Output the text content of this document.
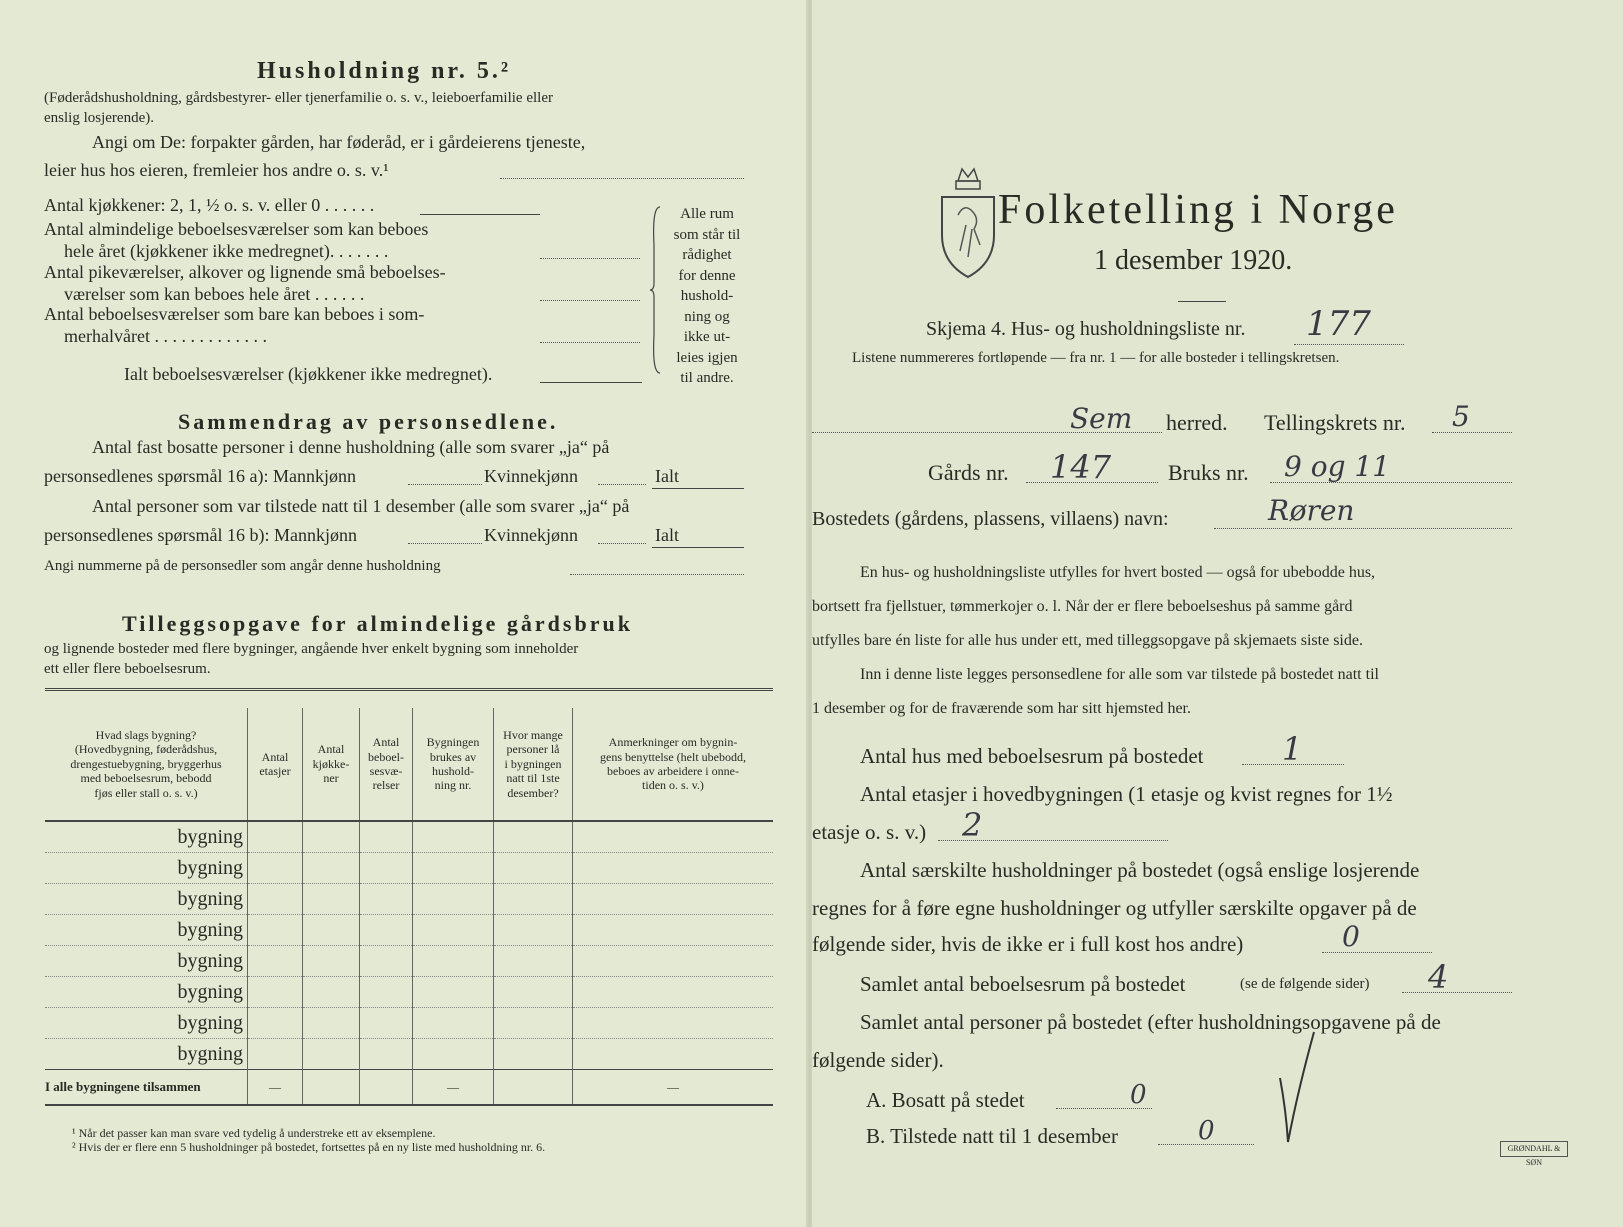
Husholdning nr. 5.²
(Føderådshusholdning, gårdsbestyrer- eller tjenerfamilie o. s. v., leieboerfamilie eller
enslig losjerende).
Angi om De: forpakter gården, har føderåd, er i gårdeierens tjeneste,
leier hus hos eieren, fremleier hos andre o. s. v.¹
Antal kjøkkener: 2, 1, ½ o. s. v. eller 0 . . . . . .
Antal almindelige beboelsesværelser som kan beboes
hele året (kjøkkener ikke medregnet). . . . . . .
Antal pikeværelser, alkover og lignende små beboelses-
værelser som kan beboes hele året . . . . . .
Antal beboelsesværelser som bare kan beboes i som-
merhalvåret . . . . . . . . . . . . .
Alle rum
som står til
rådighet
for denne
hushold-
ning og
ikke ut-
leies igjen
til andre.
Ialt beboelsesværelser (kjøkkener ikke medregnet).
Sammendrag av personsedlene.
Antal fast bosatte personer i denne husholdning (alle som svarer „ja“ på
personsedlenes spørsmål 16 a): Mannkjønn	Kvinnekjønn	Ialt
Antal personer som var tilstede natt til 1 desember (alle som svarer „ja“ på
personsedlenes spørsmål 16 b): Mannkjønn	Kvinnekjønn	Ialt
Angi nummerne på de personsedler som angår denne husholdning
Tilleggsopgave for almindelige gårdsbruk
og lignende bosteder med flere bygninger, angående hver enkelt bygning som inneholder
ett eller flere beboelsesrum.
Hvad slags bygning?
(Hovedbygning, føderådshus,
drengestuebygning, bryggerhus
med beboelsesrum, bebodd
fjøs eller stall o. s. v.)	Antal
etasjer	Antal
kjøkke-
ner	Antal
beboel-
sesvæ-
relser	Bygningen
brukes av
hushold-
ning nr.	Hvor mange
personer lå
i bygningen
natt til 1ste
desember?	Anmerkninger om bygnin-
gens benyttelse (helt ubebodd,
beboes av arbeidere i onne-
tiden o. s. v.)
bygning						
bygning						
bygning						
bygning						
bygning						
bygning						
bygning						
bygning						
I alle bygningene tilsammen	—			—		—
¹ Når det passer kan man svare ved tydelig å understreke ett av eksemplene.
² Hvis der er flere enn 5 husholdninger på bostedet, fortsettes på en ny liste med husholdning nr. 6.
Folketelling i Norge
1 desember 1920.
Skjema 4. Hus- og husholdningsliste nr. 177
Listene nummereres fortløpende — fra nr. 1 — for alle bosteder i tellingskretsen.
Sem herred. Tellingskrets nr. 5
Gårds nr. 147	Bruks nr. 9 og 11
Bostedets (gårdens, plassens, villaens) navn:	Røren
En hus- og husholdningsliste utfylles for hvert bosted — også for ubebodde hus,
bortsett fra fjellstuer, tømmerkojer o. l. Når der er flere beboelseshus på samme gård
utfylles bare én liste for alle hus under ett, med tilleggsopgave på skjemaets siste side.
Inn i denne liste legges personsedlene for alle som var tilstede på bostedet natt til
1 desember og for de fraværende som har sitt hjemsted her.
Antal hus med beboelsesrum på bostedet 1
Antal etasjer i hovedbygningen (1 etasje og kvist regnes for 1½
etasje o. s. v.) 2
Antal særskilte husholdninger på bostedet (også enslige losjerende
regnes for å føre egne husholdninger og utfyller særskilte opgaver på de
følgende sider, hvis de ikke er i full kost hos andre)	0
Samlet antal beboelsesrum på bostedet	(se de følgende sider) 4
Samlet antal personer på bostedet (efter husholdningsopgavene på de
følgende sider).
A. Bosatt på stedet	0
B. Tilstede natt til 1 desember	0
GRØNDAHL & SØN
